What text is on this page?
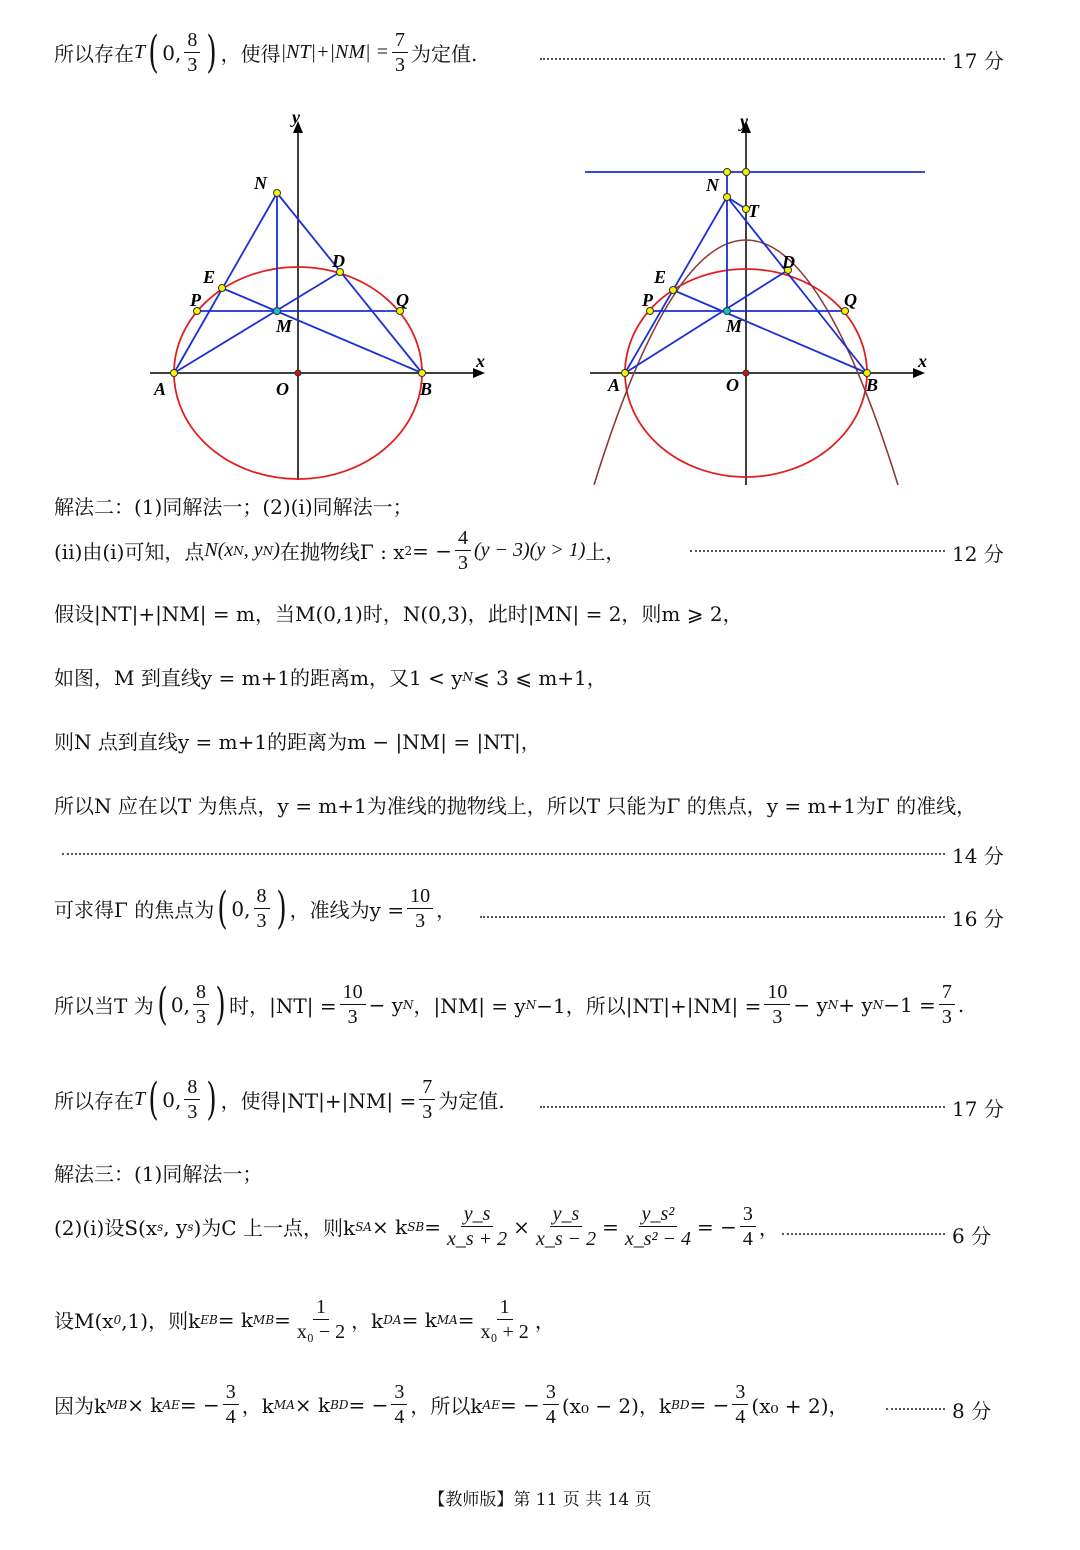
所以存在 T ( 0, $\frac{8}{3}$ ) ，使得 $|NT|+|NM| = \frac{7}{3}$ 为定值.	17 分
y
x
N
D
E
P	Q
M
A	O	B
y
x
N
T
D
E
P	Q
M
A	O	B
解法二：(1)同解法一；(2)(i)同解法一；
(ii)由(i)可知，点 N(x N , y N ) 在抛物线Γ : x 2 = − $\frac{4}{3} (y - 3)(y > 1)$ 上，	12 分
假设|NT|+|NM| = m，当M(0,1)时，N(0,3)，此时|MN| = 2，则m ⩾ 2，
如图，M 到直线y = m+1的距离m，又1 < y N ⩽ 3 ⩽ m+1，
则N 点到直线y = m+1的距离为m − |NM| = |NT|，
所以N 应在以T 为焦点，y = m+1为准线的抛物线上，所以T 只能为Γ 的焦点，y = m+1为Γ 的准线，
14 分
可求得Γ 的焦点为 ( 0, $\frac{8}{3}$ ) ，准线为$y = \frac{10}{3}$ ，	16 分
所以当T 为 ( 0, $\frac{8}{3}$ ) 时，$|NT| = \frac{10}{3} - y$ N ，|NM| = y N −1，所以$|NT|+|NM| = \frac{10}{3} - y$ N + y $N -1 = \frac{7}{3}$ .
所以存在 T ( 0, $\frac{8}{3}$ ) ，使得$|NT|+|NM| = \frac{7}{3}$ 为定值.	17 分
解法三：(1)同解法一；
(2)(i)设S(x s , y s )为C 上一点，则k SA × k SB = $\frac{y\_s}{x\_s + 2} \times \frac{y\_s}{x\_s - 2} = \frac{\text{y\_s²}}{\text{x\_s² − 4}}$ = − $\frac{3}{4}$ ，	6 分
设M(x 0 ,1)，则k EB = k MB = $\frac{1}{\text{x₀ − 2}}$ ，k DA = k MA = $\frac{1}{\text{x₀ + 2}}$ ，
因为k MB × k AE = − $\frac{3}{4}$ ，k MA × k BD = − $\frac{3}{4}$ ，所以k AE = − $\frac{3}{4} (x_0 - 2)$，k BD = − $\frac{3}{4} (x_0 + 2)$，	8 分
【教师版】第 11 页 共 14 页
